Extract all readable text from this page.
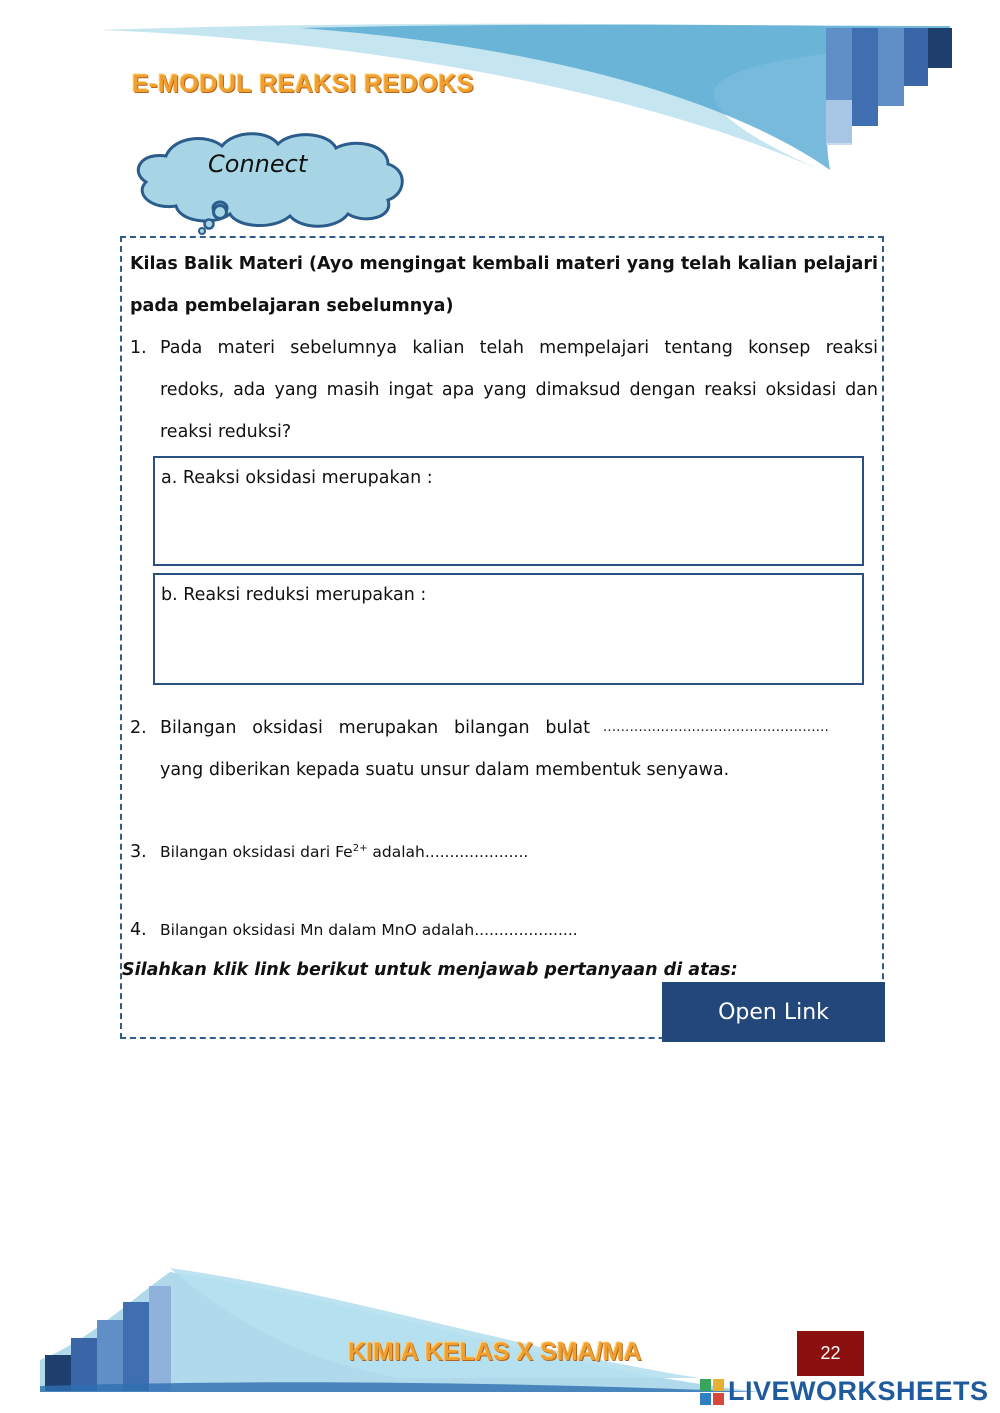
E-MODUL REAKSI REDOKS
Connect
Kilas Balik Materi (Ayo mengingat kembali materi yang telah kalian pelajari
pada pembelajaran sebelumnya)
1. Pada materi sebelumnya kalian telah mempelajari tentang konsep reaksi
redoks, ada yang masih ingat apa yang dimaksud dengan reaksi oksidasi dan
reaksi reduksi?
a. Reaksi oksidasi merupakan :
b. Reaksi reduksi merupakan :
2. Bilangan oksidasi merupakan bilangan bulat ...................................................
yang diberikan kepada suatu unsur dalam membentuk senyawa.
3. Bilangan oksidasi dari $Fe^{2+}$ adalah.....................
4. Bilangan oksidasi Mn dalam MnO adalah.....................
Silahkan klik link berikut untuk menjawab pertanyaan di atas:
Open Link
KIMIA KELAS X SMA/MA	22
LIVEWORKSHEETS
